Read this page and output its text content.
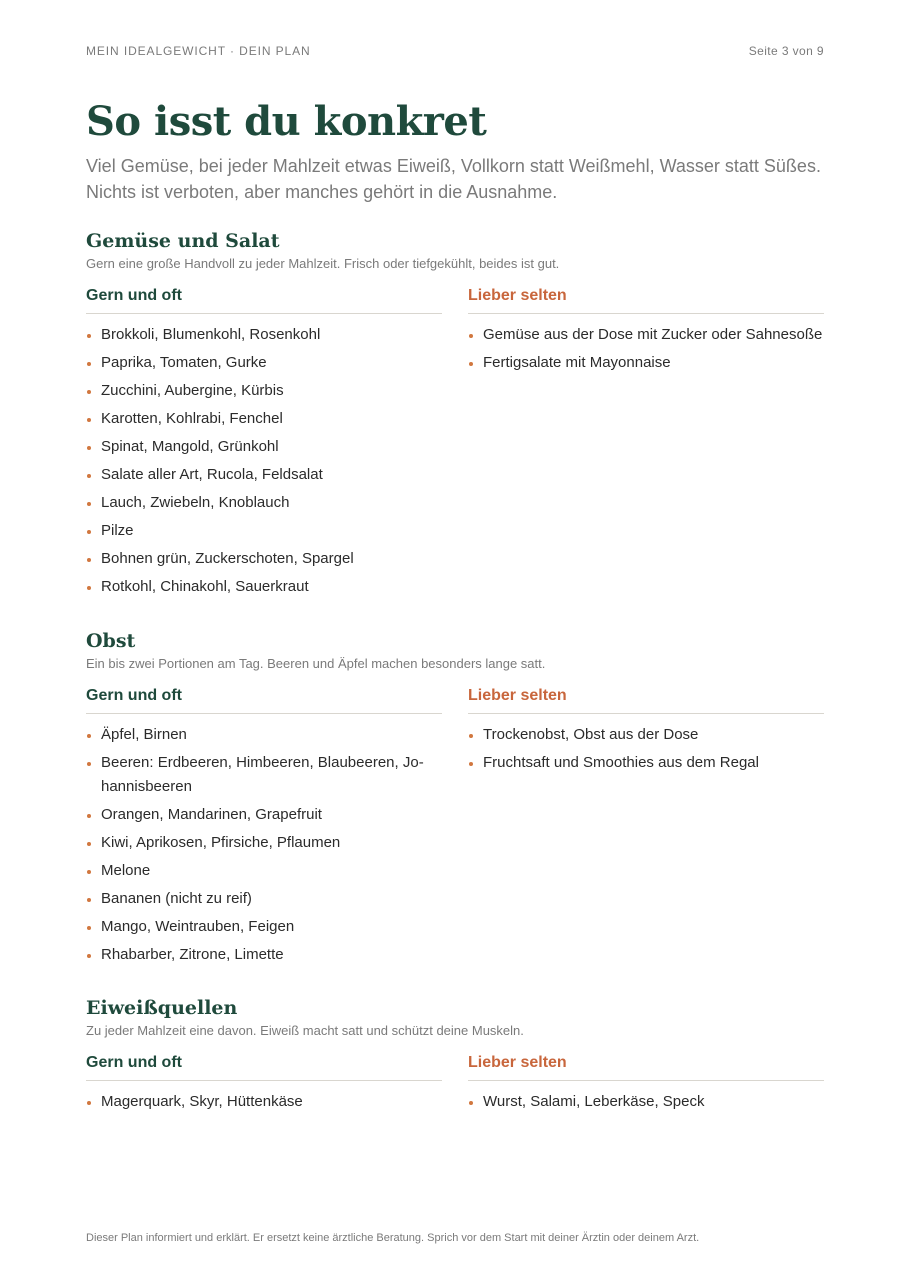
MEIN IDEALGEWICHT · DEIN PLAN	Seite 3 von 9
So isst du konkret

Viel Gemüse, bei jeder Mahlzeit etwas Eiweiß, Vollkorn statt Weißmehl, Wasser statt Süßes. Nichts ist verboten, aber manches gehört in die Ausnahme.

Gemüse und Salat

Gern eine große Handvoll zu jeder Mahlzeit. Frisch oder tiefgekühlt, beides ist gut.

Gern und oft
Brokkoli, Blumenkohl, Rosenkohl
Paprika, Tomaten, Gurke
Zucchini, Aubergine, Kürbis
Karotten, Kohlrabi, Fenchel
Spinat, Mangold, Grünkohl
Salate aller Art, Rucola, Feldsalat
Lauch, Zwiebeln, Knoblauch
Pilze
Bohnen grün, Zuckerschoten, Spargel
Rotkohl, Chinakohl, Sauerkraut
Lieber selten
Gemüse aus der Dose mit Zucker oder Sahnesoße
Fertigsalate mit Mayonnaise
Obst

Ein bis zwei Portionen am Tag. Beeren und Äpfel machen besonders lange satt.

Gern und oft
Äpfel, Birnen
Beeren: Erdbeeren, Himbeeren, Blaubeeren, Jo- hannisbeeren
Orangen, Mandarinen, Grapefruit
Kiwi, Aprikosen, Pfirsiche, Pflaumen
Melone
Bananen (nicht zu reif)
Mango, Weintrauben, Feigen
Rhabarber, Zitrone, Limette
Lieber selten
Trockenobst, Obst aus der Dose
Fruchtsaft und Smoothies aus dem Regal
Eiweißquellen

Zu jeder Mahlzeit eine davon. Eiweiß macht satt und schützt deine Muskeln.

Gern und oft
Magerquark, Skyr, Hüttenkäse
Lieber selten
Wurst, Salami, Leberkäse, Speck

Dieser Plan informiert und erklärt. Er ersetzt keine ärztliche Beratung. Sprich vor dem Start mit deiner Ärztin oder deinem Arzt.
